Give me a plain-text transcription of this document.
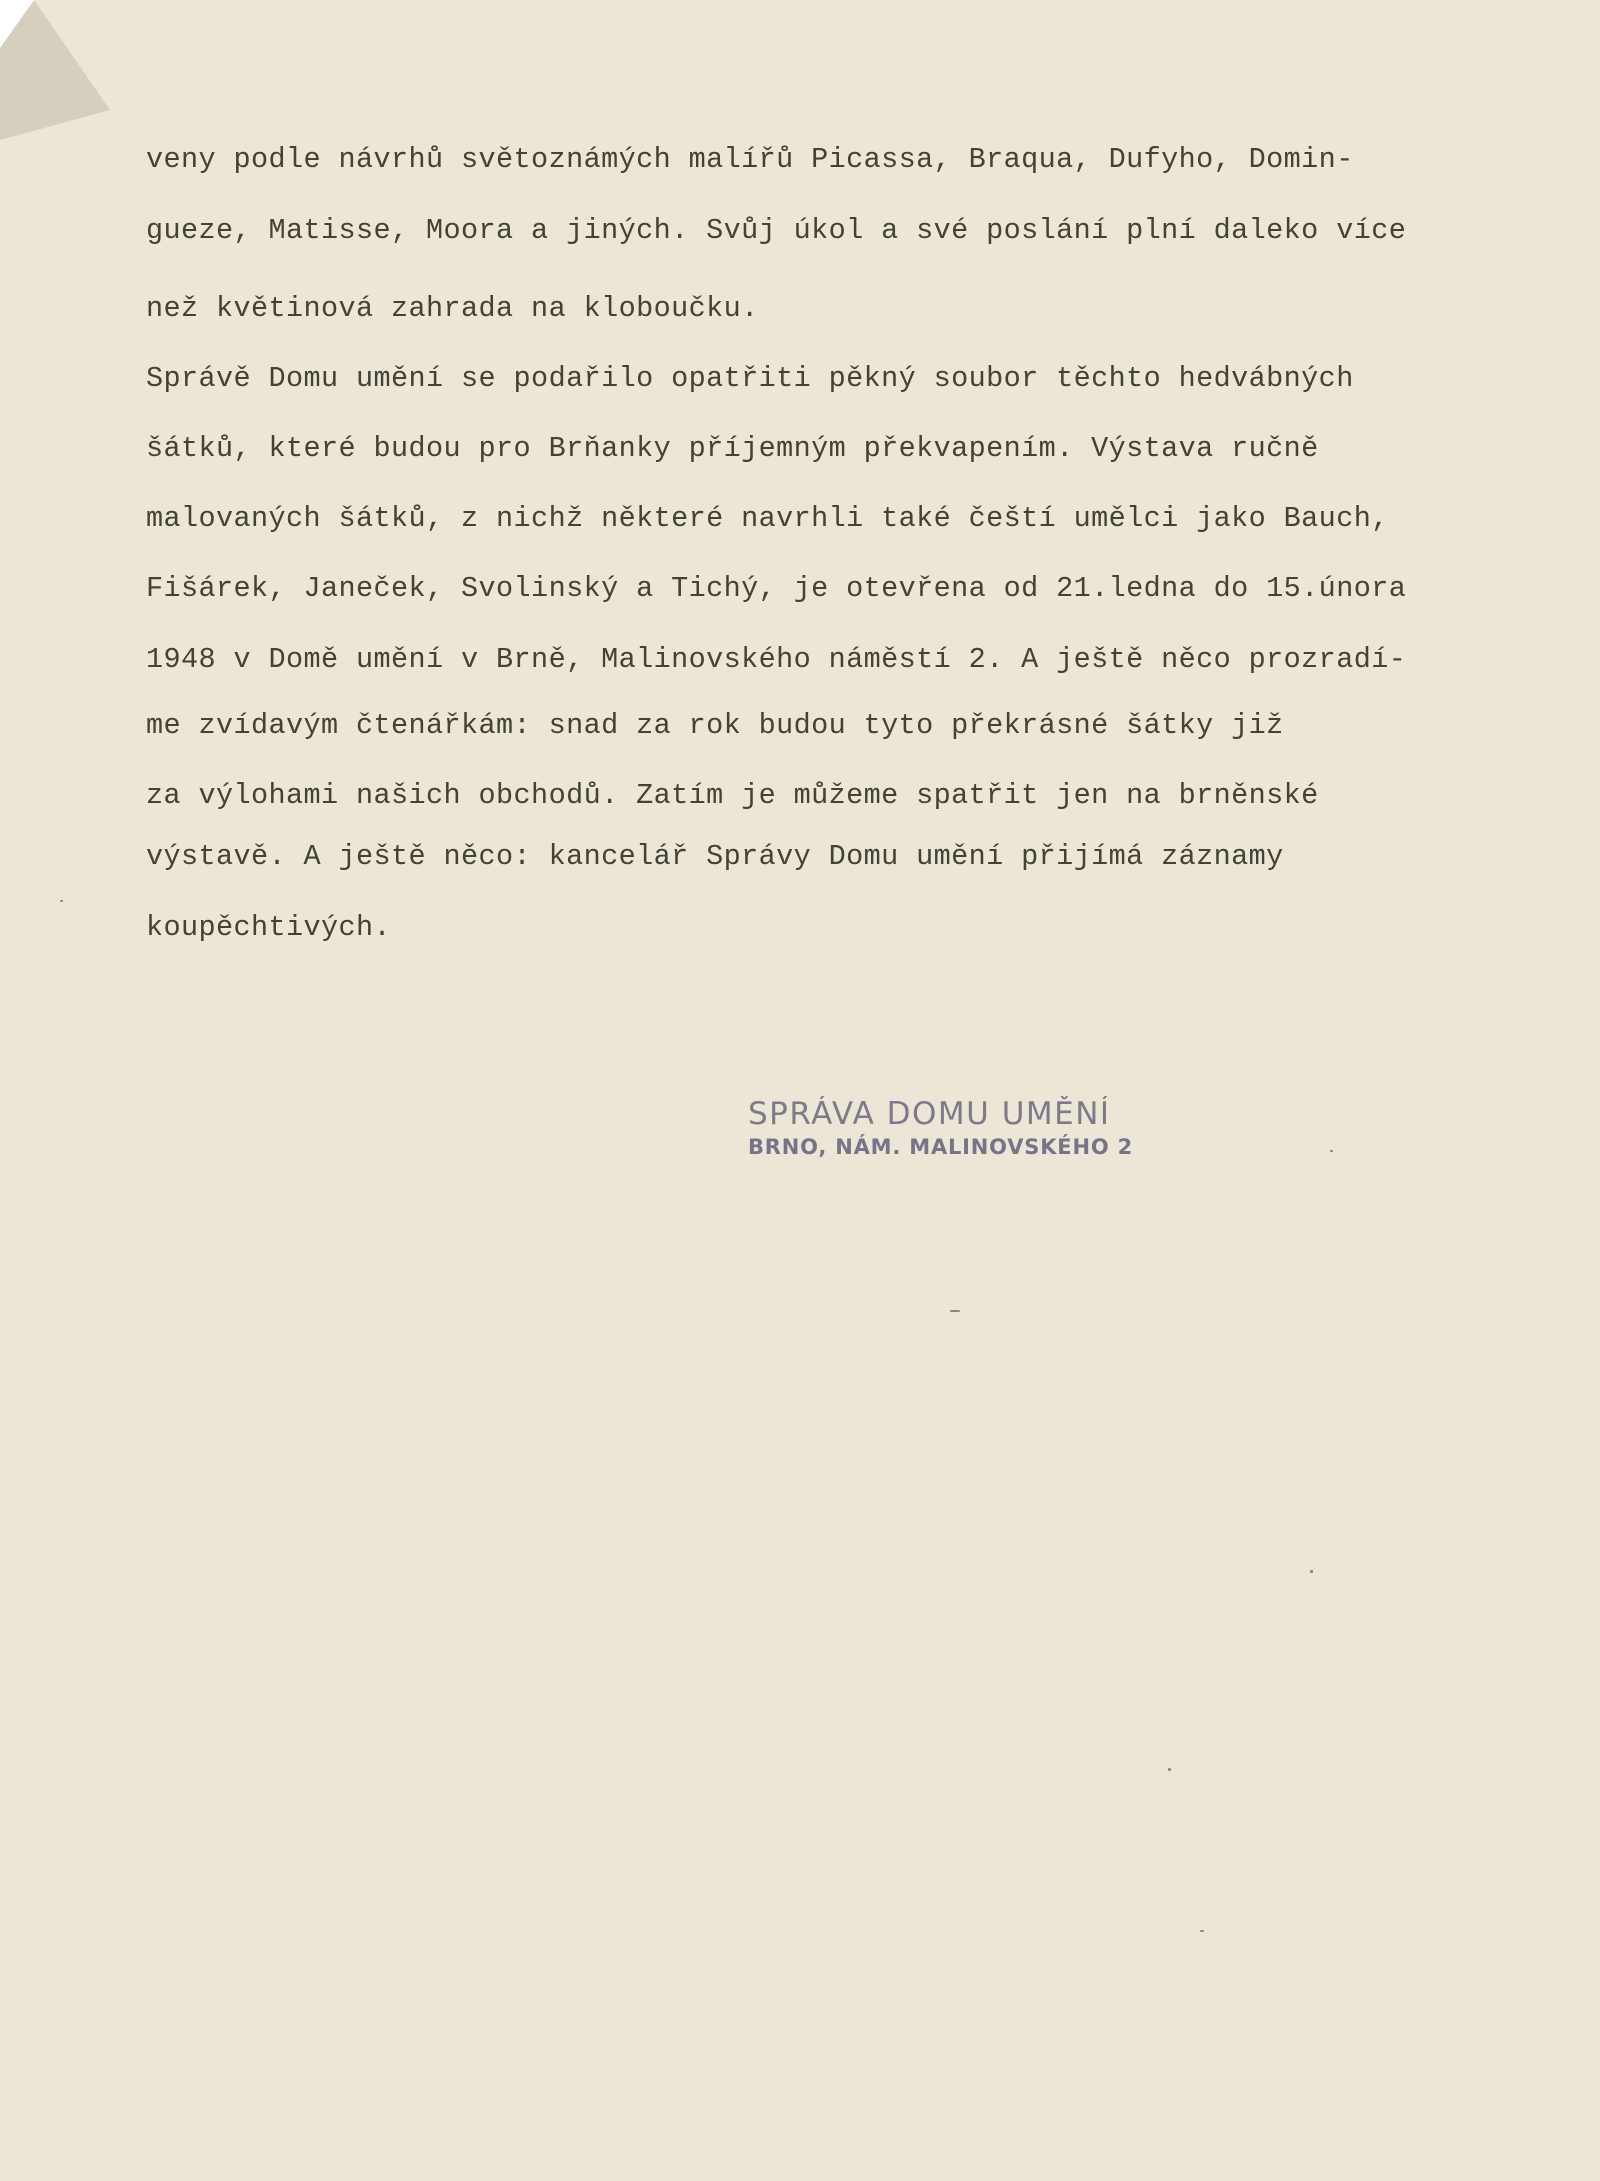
veny podle návrhů světoznámých malířů Picassa, Braqua, Dufyho, Domin-
gueze, Matisse, Moora a jiných. Svůj úkol a své poslání plní daleko více
než květinová zahrada na kloboučku.
Správě Domu umění se podařilo opatřiti pěkný soubor těchto hedvábných
šátků, které budou pro Brňanky příjemným překvapením. Výstava ručně
malovaných šátků, z nichž některé navrhli také čeští umělci jako Bauch,
Fišárek, Janeček, Svolinský a Tichý, je otevřena od 21.ledna do 15.února
1948 v Domě umění v Brně, Malinovského náměstí 2. A ještě něco prozradí-
me zvídavým čtenářkám: snad za rok budou tyto překrásné šátky již
za výlohami našich obchodů. Zatím je můžeme spatřit jen na brněnské
výstavě. A ještě něco: kancelář Správy Domu umění přijímá záznamy
koupěchtivých.
SPRÁVA DOMU UMĚNÍ
BRNO, NÁM. MALINOVSKÉHO 2
